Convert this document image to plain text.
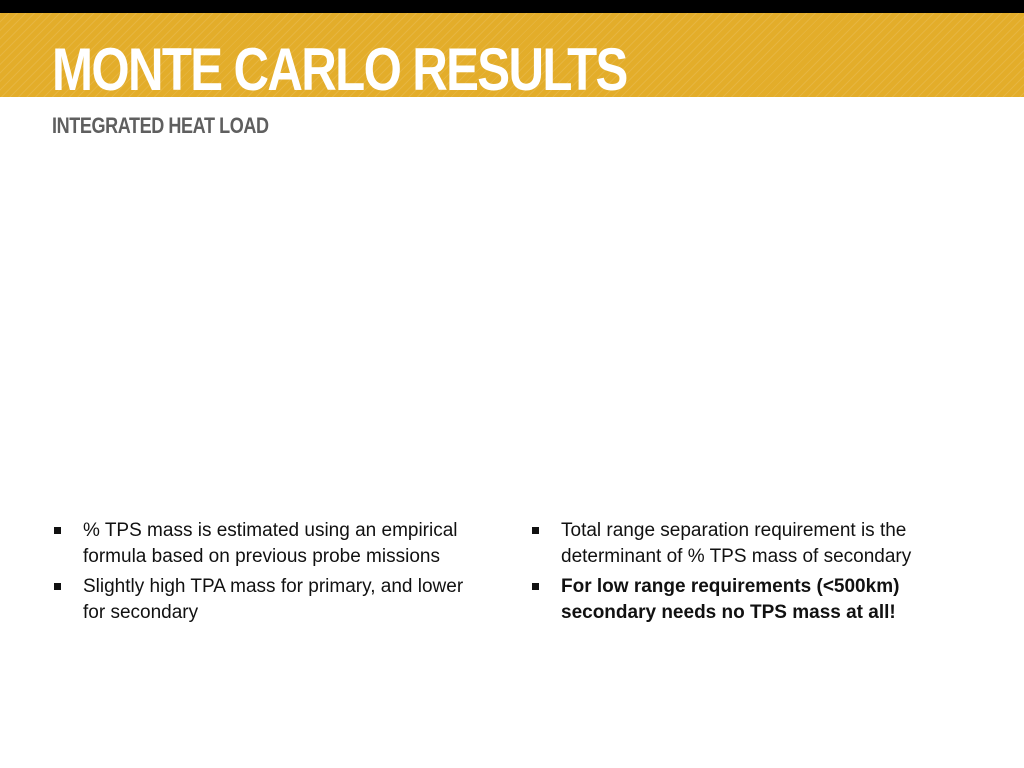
MONTE CARLO RESULTS
INTEGRATED HEAT LOAD
% TPS mass is estimated using an empirical formula based on previous probe missions
Slightly high TPA mass for primary, and lower for secondary
Total range separation requirement is the determinant of % TPS mass of secondary
For low range requirements (<500km) secondary needs no TPS mass at all!
